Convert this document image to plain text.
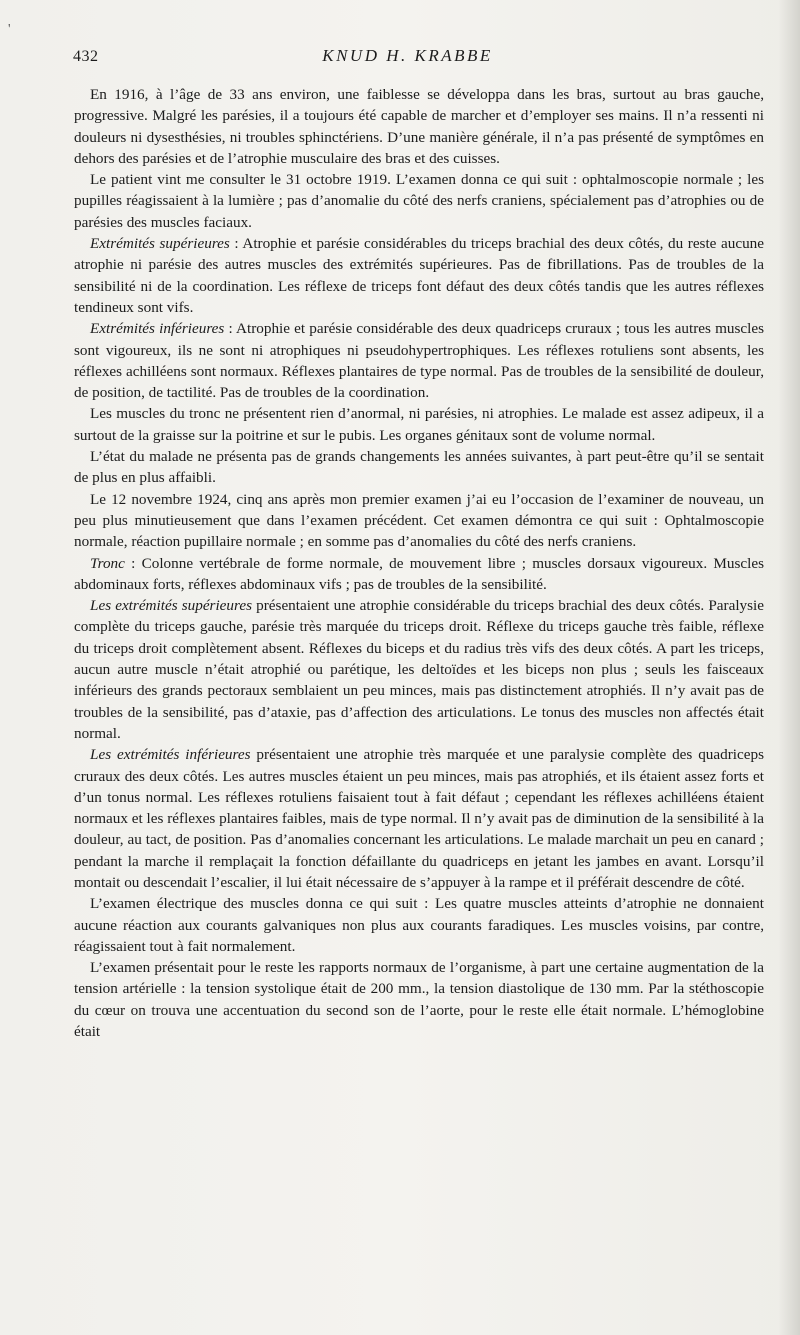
'
432	KNUD H. KRABBE

En 1916, à l’âge de 33 ans environ, une faiblesse se développa dans les bras, surtout au bras gauche, progressive. Malgré les parésies, il a toujours été capable de marcher et d’employer ses mains. Il n’a ressenti ni douleurs ni dysesthésies, ni troubles sphinctériens. D’une manière générale, il n’a pas présenté de symptômes en dehors des parésies et de l’atrophie musculaire des bras et des cuisses.

Le patient vint me consulter le 31 octobre 1919. L’examen donna ce qui suit : ophtalmoscopie normale ; les pupilles réagissaient à la lumière ; pas d’anomalie du côté des nerfs craniens, spécialement pas d’atrophies ou de parésies des muscles faciaux.

Extrémités supérieures : Atrophie et parésie considérables du triceps brachial des deux côtés, du reste aucune atrophie ni parésie des autres muscles des extrémités supérieures. Pas de fibrillations. Pas de troubles de la sensibilité ni de la coordination. Les réflexe de triceps font défaut des deux côtés tandis que les autres réflexes tendineux sont vifs.

Extrémités inférieures : Atrophie et parésie considérable des deux quadriceps cruraux ; tous les autres muscles sont vigoureux, ils ne sont ni atrophiques ni pseudohypertrophiques. Les réflexes rotuliens sont absents, les réflexes achilléens sont normaux. Réflexes plantaires de type normal. Pas de troubles de la sensibilité de douleur, de position, de tactilité. Pas de troubles de la coordination.

Les muscles du tronc ne présentent rien d’anormal, ni parésies, ni atrophies. Le malade est assez adipeux, il a surtout de la graisse sur la poitrine et sur le pubis. Les organes génitaux sont de volume normal.

L’état du malade ne présenta pas de grands changements les années suivantes, à part peut-être qu’il se sentait de plus en plus affaibli.

Le 12 novembre 1924, cinq ans après mon premier examen j’ai eu l’occasion de l’examiner de nouveau, un peu plus minutieusement que dans l’examen précédent. Cet examen démontra ce qui suit : Ophtalmoscopie normale, réaction pupillaire normale ; en somme pas d’anomalies du côté des nerfs craniens.

Tronc : Colonne vertébrale de forme normale, de mouvement libre ; muscles dorsaux vigoureux. Muscles abdominaux forts, réflexes abdominaux vifs ; pas de troubles de la sensibilité.

Les extrémités supérieures présentaient une atrophie considérable du triceps brachial des deux côtés. Paralysie complète du triceps gauche, parésie très marquée du triceps droit. Réflexe du triceps gauche très faible, réflexe du triceps droit complètement absent. Réflexes du biceps et du radius très vifs des deux côtés. A part les triceps, aucun autre muscle n’était atrophié ou parétique, les deltoïdes et les biceps non plus ; seuls les faisceaux inférieurs des grands pectoraux semblaient un peu minces, mais pas distinctement atrophiés. Il n’y avait pas de troubles de la sensibilité, pas d’ataxie, pas d’affection des articulations. Le tonus des muscles non affectés était normal.

Les extrémités inférieures présentaient une atrophie très marquée et une paralysie complète des quadriceps cruraux des deux côtés. Les autres muscles étaient un peu minces, mais pas atrophiés, et ils étaient assez forts et d’un tonus normal. Les réflexes rotuliens faisaient tout à fait défaut ; cependant les réflexes achilléens étaient normaux et les réflexes plantaires faibles, mais de type normal. Il n’y avait pas de diminution de la sensibilité à la douleur, au tact, de position. Pas d’anomalies concernant les articulations. Le malade marchait un peu en canard ; pendant la marche il remplaçait la fonction défaillante du quadriceps en jetant les jambes en avant. Lorsqu’il montait ou descendait l’escalier, il lui était nécessaire de s’appuyer à la rampe et il préférait descendre de côté.

L’examen électrique des muscles donna ce qui suit : Les quatre muscles atteints d’atrophie ne donnaient aucune réaction aux courants galvaniques non plus aux courants faradiques. Les muscles voisins, par contre, réagissaient tout à fait normalement.

L’examen présentait pour le reste les rapports normaux de l’organisme, à part une certaine augmentation de la tension artérielle : la tension systolique était de 200 mm., la tension diastolique de 130 mm. Par la stéthoscopie du cœur on trouva une accentuation du second son de l’aorte, pour le reste elle était normale. L’hémoglobine était
